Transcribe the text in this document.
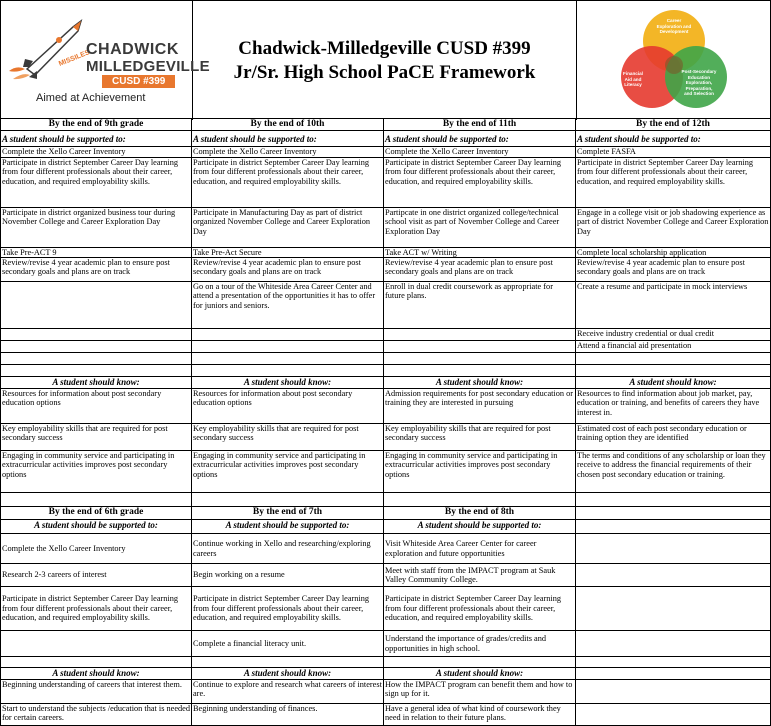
MISSILES
CHADWICK
MILLEDGEVILLE
CUSD #399
Aimed at Achievement
Chadwick-Milledgeville CUSD #399
Jr/Sr. High School PaCE Framework
Career Exploration and Development
Financial Aid and Literacy
Post-Secondary Education Exploration, Preparation, and Selection
By the end of 9th grade
A student should be supported to:
Complete the Xello Career Inventory
Participate in district September Career Day learning from four different professionals about their career, education, and required employability skills.
Participate in district organized business tour during November College and Career Exploration Day
Take Pre-ACT 9
Review/revise 4 year academic plan to ensure post secondary goals and plans are on track
A student should know:
Resources for information about post secondary education options
Key employability skills that are required for post secondary success
Engaging in community service and participating in extracurricular activities improves post secondary options
By the end of 10th
A student should be supported to:
Complete the Xello Career Inventory
Participate in district September Career Day learning from four different professionals about their career, education, and required employability skills.
Participate in Manufacturing Day as part of district organized November College and Career Exploration Day
Take Pre-Act Secure
Review/revise 4 year academic plan to ensure post secondary goals and plans are on track
Go on a tour of the Whiteside Area Career Center and attend a presentation of the opportunities it has to offer for juniors and seniors.
A student should know:
Resources for information about post secondary education options
Key employability skills that are required for post secondary success
Engaging in community service and participating in extracurricular activities improves post secondary options
By the end of 11th
A student should be supported to:
Complete the Xello Career Inventory
Participate in district September Career Day learning from four different professionals about their career, education, and required employability skills.
Partipcate in one district organized college/technical school visit as part of November College and Career Exploration Day
Take ACT w/ Writing
Review/revise 4 year academic plan to ensure post secondary goals and plans are on track
Enroll in dual credit coursework as appropriate for future plans.
A student should know:
Admission requirements for post secondary education or training they are interested in pursuing
Key employability skills that are required for post secondary success
Engaging in community service and participating in extracurricular activities improves post secondary options
By the end of 12th
A student should be supported to:
Complete FASFA
Participate in district September Career Day learning from four different professionals about their career, education, and required employability skills.
Engage in a college visit or job shadowing experience as part of district November College and Career Exploration Day
Complete local scholarship application
Review/revise 4 year academic plan to ensure post secondary goals and plans are on track
Create a resume and participate in mock interviews
Receive industry credential or dual credit
Attend a financial aid presentation
A student should know:
Resources to find information about job market, pay, education or training, and benefits of careers they have interest in.
Estimated cost of each post secondary education or training option they are identified
The terms and conditions of any scholarship or loan they receive to address the financial requirements of their chosen post secondary education or training.
By the end of 6th grade
A student should be supported to:
Complete the Xello Career Inventory
Research 2-3 careers of interest
Participate in district September Career Day learning from four different professionals about their career, education, and required employability skills.
A student should know:
Beginning understanding of careers that interest them.
Start to understand the subjects /education that is needed for certain careers.
By the end of 7th
A student should be supported to:
Continue working in Xello and researching/exploring careers
Begin working on a resume
Participate in district September Career Day learning from four different professionals about their career, education, and required employability skills.
Complete a financial literacy unit.
A student should know:
Continue to explore and research what careers of interest are.
Beginning understanding of finances.
By the end of 8th
A student should be supported to:
Visit Whiteside Area Career Center for career exploration and future opportunities
Meet with staff from the IMPACT program at Sauk Valley Community College.
Participate in district September Career Day learning from four different professionals about their career, education, and required employability skills.
Understand the importance of grades/credits and opportunities in high school.
A student should know:
How the IMPACT program can benefit them and how to sign up for it.
Have a general idea of what kind of coursework they need in relation to their future plans.
